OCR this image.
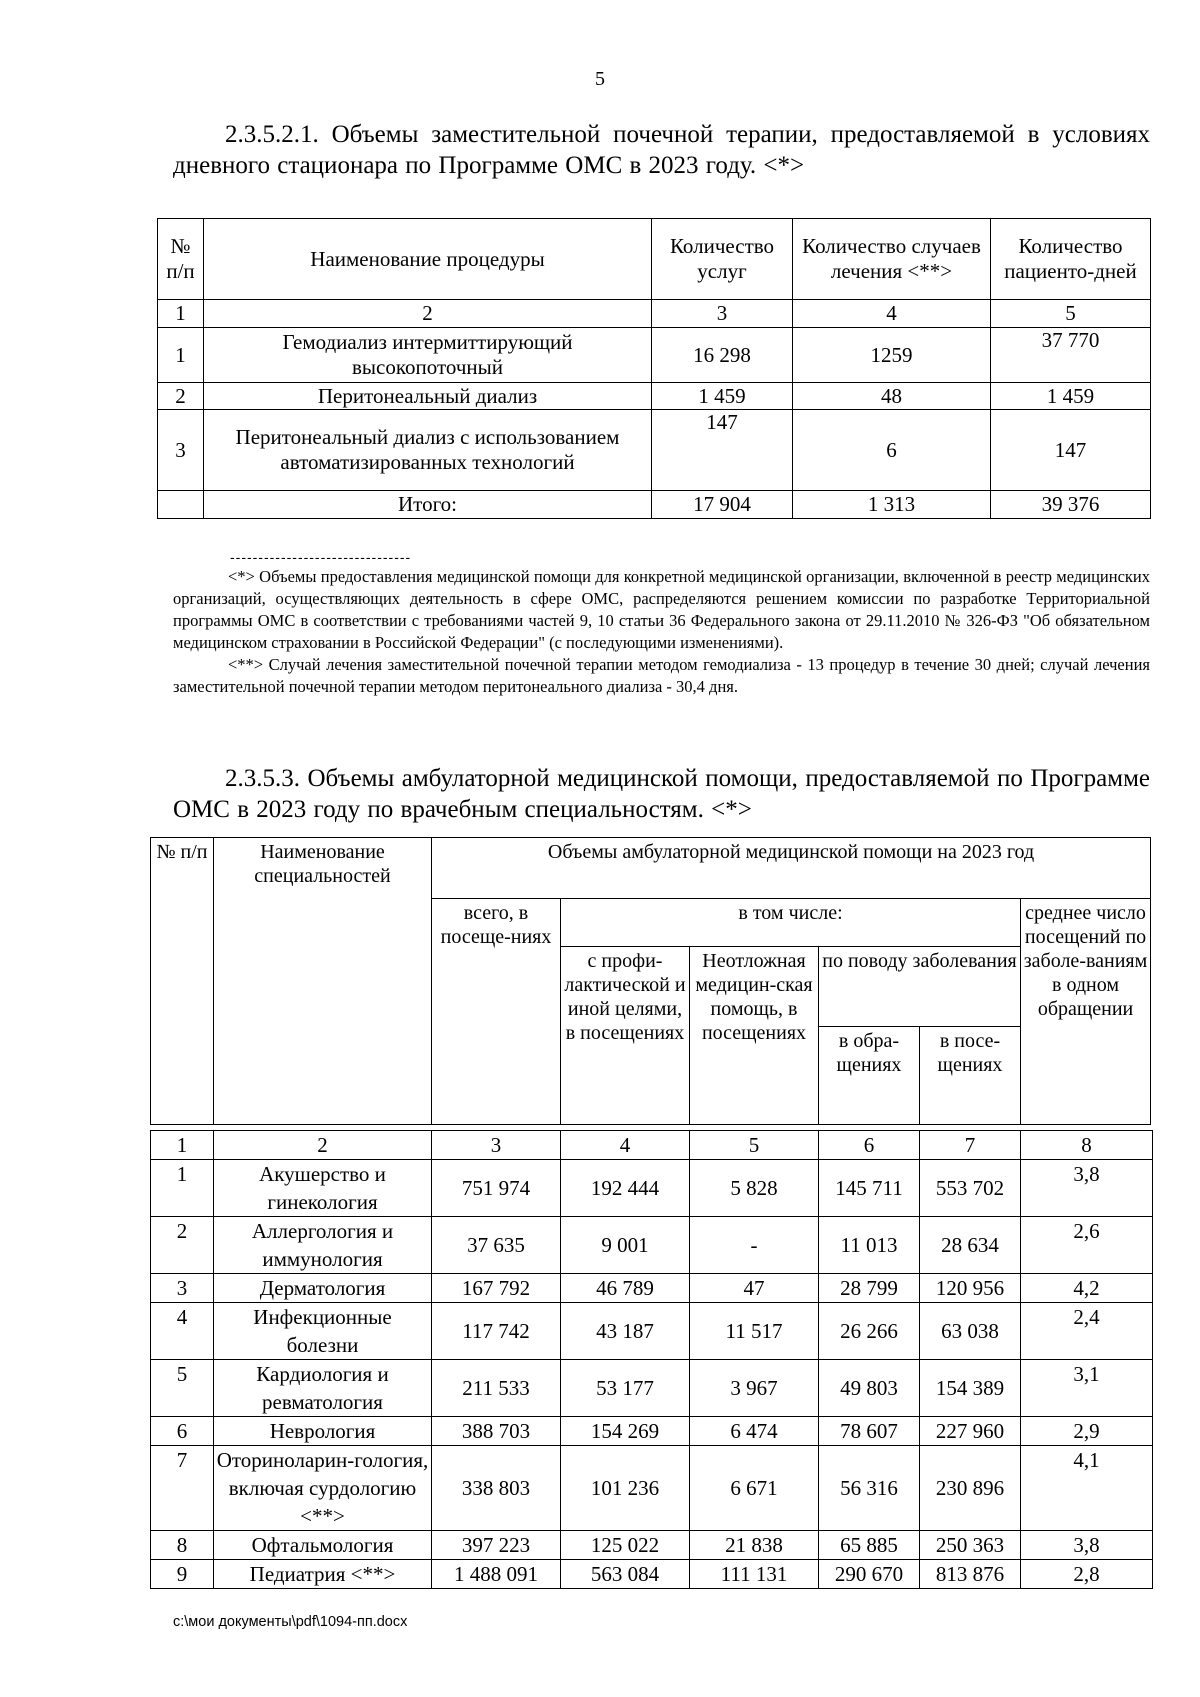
5
2.3.5.2.1. Объемы заместительной почечной терапии, предоставляемой в условиях дневного стационара по Программе ОМС в 2023 году. <*>
№ п/п	Наименование процедуры	Количество услуг	Количество случаев лечения <**>	Количество пациенто-дней
1	2	3	4	5
1	Гемодиализ интермиттирующий высокопоточный	16 298	1259	37 770
2	Перитонеальный диализ	1 459	48	1 459
3	Перитонеальный диализ с использованием автоматизированных технологий	147	6	147
	Итого:	17 904	1 313	39 376
--------------------------------

<*> Объемы предоставления медицинской помощи для конкретной медицинской организации, включенной в реестр медицинских организаций, осуществляющих деятельность в сфере ОМС, распределяются решением комиссии по разработке Территориальной программы ОМС в соответствии с требованиями частей 9, 10 статьи 36 Федерального закона от 29.11.2010 № 326-ФЗ "Об обязательном медицинском страховании в Российской Федерации" (с последующими изменениями).

<**> Случай лечения заместительной почечной терапии методом гемодиализа - 13 процедур в течение 30 дней; случай лечения заместительной почечной терапии методом перитонеального диализа - 30,4 дня.

2.3.5.3. Объемы амбулаторной медицинской помощи, предоставляемой по Программе ОМС в 2023 году по врачебным специальностям. <*>
№ п/п	Наименование специальностей	Объемы амбулаторной медицинской помощи на 2023 год					
		всего, в посеще-ниях	в том числе:				среднее число посещений по заболе-ваниям в одном обращении
			с профи-лактической и иной целями, в посещениях	Неотложная медицин-ская помощь, в посещениях	по поводу заболевания		
					в обра-щениях	в посе-щениях	
1	2	3	4	5	6	7	8
1	Акушерство и гинекология	751 974	192 444	5 828	145 711	553 702	3,8
2	Аллергология и иммунология	37 635	9 001	-	11 013	28 634	2,6
3	Дерматология	167 792	46 789	47	28 799	120 956	4,2
4	Инфекционные болезни	117 742	43 187	11 517	26 266	63 038	2,4
5	Кардиология и ревматология	211 533	53 177	3 967	49 803	154 389	3,1
6	Неврология	388 703	154 269	6 474	78 607	227 960	2,9
7	Оториноларин-гология, включая сурдологию <**>	338 803	101 236	6 671	56 316	230 896	4,1
8	Офтальмология	397 223	125 022	21 838	65 885	250 363	3,8
9	Педиатрия <**>	1 488 091	563 084	111 131	290 670	813 876	2,8
c:\мои документы\pdf\1094-пп.docx
